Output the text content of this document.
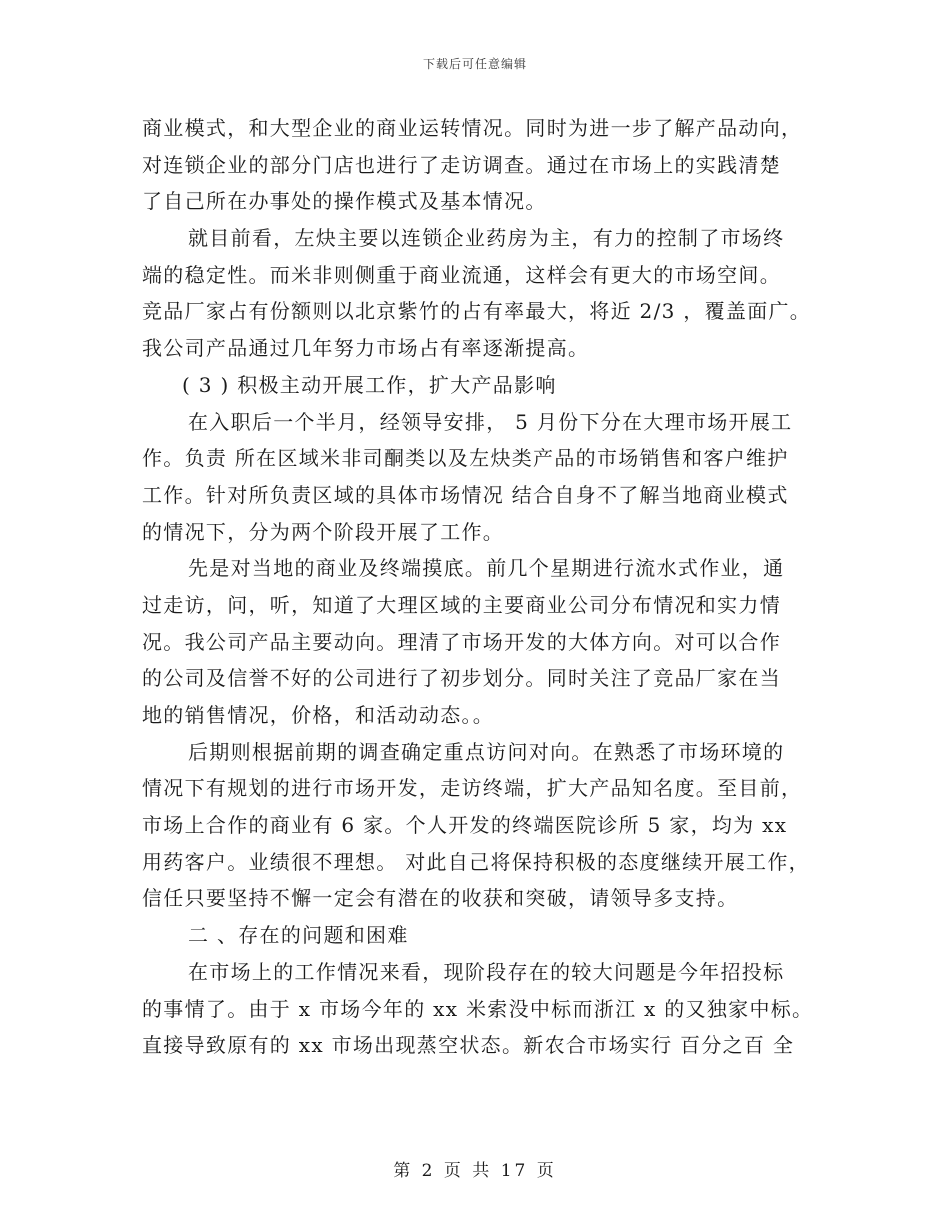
下载后可任意编辑
商业模式，和大型企业的商业运转情况。同时为进一步了解产品动向，
对连锁企业的部分门店也进行了走访调查。通过在市场上的实践清楚
了自己所在办事处的操作模式及基本情况。
就目前看，左炔主要以连锁企业药房为主，有力的控制了市场终
端的稳定性。而米非则侧重于商业流通，这样会有更大的市场空间。
竞品厂家占有份额则以北京紫竹的占有率最大，将近 2/3 ，覆盖面广。
我公司产品通过几年努力市场占有率逐渐提高。
( 3 ) 积极主动开展工作，扩大产品影响
在入职后一个半月，经领导安排， 5 月份下分在大理市场开展工
作。负责 所在区域米非司酮类以及左炔类产品的市场销售和客户维护
工作。针对所负责区域的具体市场情况 结合自身不了解当地商业模式
的情况下，分为两个阶段开展了工作。
先是对当地的商业及终端摸底。前几个星期进行流水式作业，通
过走访，问，听，知道了大理区域的主要商业公司分布情况和实力情
况。我公司产品主要动向。理清了市场开发的大体方向。对可以合作
的公司及信誉不好的公司进行了初步划分。同时关注了竞品厂家在当
地的销售情况，价格，和活动动态。。
后期则根据前期的调查确定重点访问对向。在熟悉了市场环境的
情况下有规划的进行市场开发，走访终端，扩大产品知名度。至目前，
市场上合作的商业有 6 家。个人开发的终端医院诊所 5 家，均为 xx
用药客户。业绩很不理想。 对此自己将保持积极的态度继续开展工作，
信任只要坚持不懈一定会有潜在的收获和突破，请领导多支持。
二 、存在的问题和困难
在市场上的工作情况来看，现阶段存在的较大问题是今年招投标
的事情了。由于 x 市场今年的 xx 米索没中标而浙江 x 的又独家中标。
直接导致原有的 xx 市场出现蒸空状态。新农合市场实行 百分之百 全
第 2 页 共 17 页
